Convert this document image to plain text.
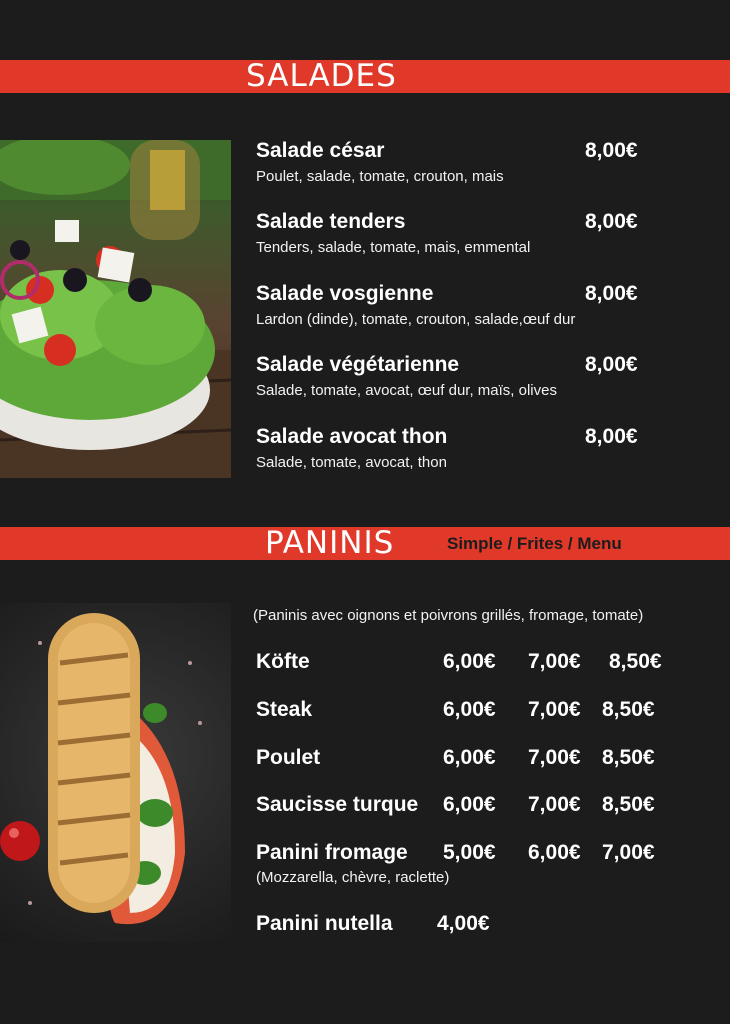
SALADES
Salade césar	8,00€
Poulet, salade, tomate, crouton, mais
Salade tenders	8,00€
Tenders, salade, tomate, mais, emmental
Salade vosgienne	8,00€
Lardon (dinde), tomate, crouton, salade,œuf dur
Salade végétarienne	8,00€
Salade, tomate, avocat, œuf dur, maïs, olives
Salade avocat thon	8,00€
Salade, tomate, avocat, thon
PANINIS	Simple / Frites / Menu
(Paninis avec oignons et poivrons grillés, fromage, tomate)
Köfte	6,00€ 7,00€ 8,50€
Steak	6,00€ 7,00€ 8,50€
Poulet	6,00€ 7,00€ 8,50€
Saucisse turque 6,00€ 7,00€ 8,50€
Panini fromage 5,00€ 6,00€ 7,00€
(Mozzarella, chèvre, raclette)
Panini nutella 4,00€
